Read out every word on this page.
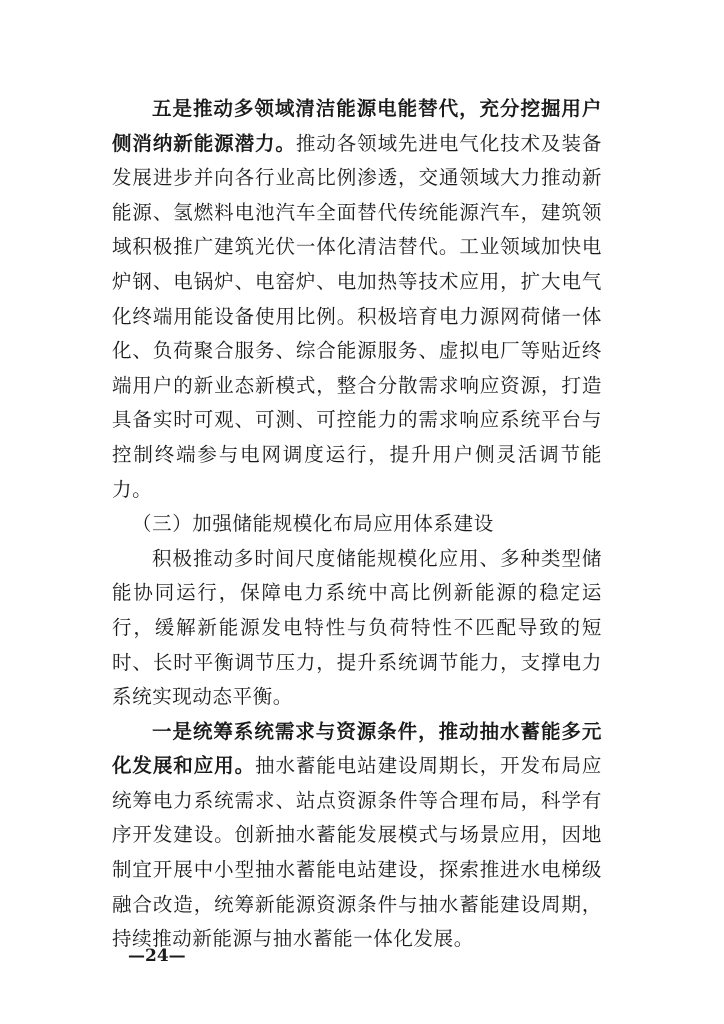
五是推动多领域清洁能源电能替代，充分挖掘用户侧消纳新能源潜力。推动各领域先进电气化技术及装备发展进步并向各行业高比例渗透，交通领域大力推动新能源、氢燃料电池汽车全面替代传统能源汽车，建筑领域积极推广建筑光伏一体化清洁替代。工业领域加快电炉钢、电锅炉、电窑炉、电加热等技术应用，扩大电气化终端用能设备使用比例。积极培育电力源网荷储一体化、负荷聚合服务、综合能源服务、虚拟电厂等贴近终端用户的新业态新模式，整合分散需求响应资源，打造具备实时可观、可测、可控能力的需求响应系统平台与控制终端参与电网调度运行，提升用户侧灵活调节能力。

（三）加强储能规模化布局应用体系建设

积极推动多时间尺度储能规模化应用、多种类型储能协同运行，保障电力系统中高比例新能源的稳定运行，缓解新能源发电特性与负荷特性不匹配导致的短时、长时平衡调节压力，提升系统调节能力，支撑电力系统实现动态平衡。

一是统筹系统需求与资源条件，推动抽水蓄能多元化发展和应用。抽水蓄能电站建设周期长，开发布局应统筹电力系统需求、站点资源条件等合理布局，科学有序开发建设。创新抽水蓄能发展模式与场景应用，因地制宜开展中小型抽水蓄能电站建设，探索推进水电梯级融合改造，统筹新能源资源条件与抽水蓄能建设周期，持续推动新能源与抽水蓄能一体化发展。

—24—
